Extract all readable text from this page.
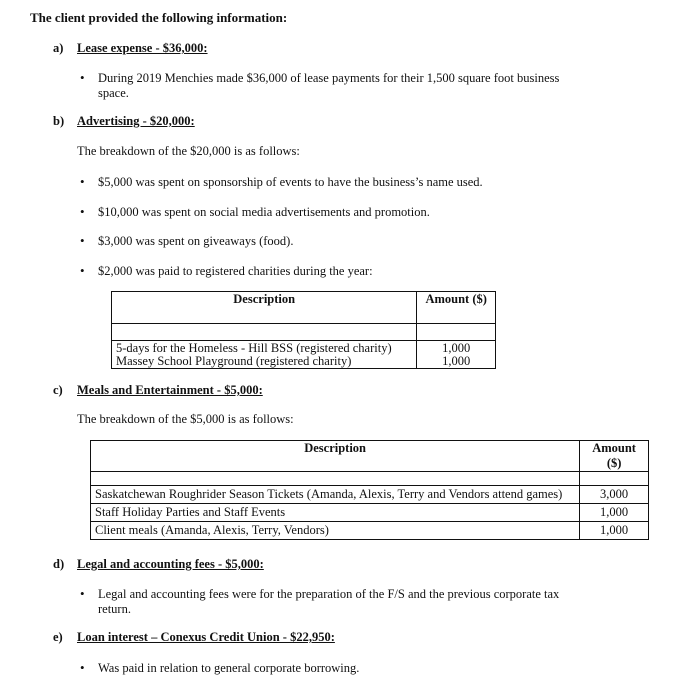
The client provided the following information:
a) Lease expense - $36,000:
• During 2019 Menchies made $36,000 of lease payments for their 1,500 square foot business space.
b) Advertising - $20,000:
The breakdown of the $20,000 is as follows:
• $5,000 was spent on sponsorship of events to have the business’s name used.
• $10,000 was spent on social media advertisements and promotion.
• $3,000 was spent on giveaways (food).
• $2,000 was paid to registered charities during the year:
Description	Amount ($)

5-days for the Homeless - Hill BSS (registered charity)	1,000
Massey School Playground (registered charity)	1,000
c) Meals and Entertainment - $5,000:
The breakdown of the $5,000 is as follows:
Description	Amount ($)

Saskatchewan Roughrider Season Tickets (Amanda, Alexis, Terry and Vendors attend games)	3,000
Staff Holiday Parties and Staff Events	1,000
Client meals (Amanda, Alexis, Terry, Vendors)	1,000
d) Legal and accounting fees - $5,000:
• Legal and accounting fees were for the preparation of the F/S and the previous corporate tax return.
e) Loan interest – Conexus Credit Union - $22,950:
• Was paid in relation to general corporate borrowing.
